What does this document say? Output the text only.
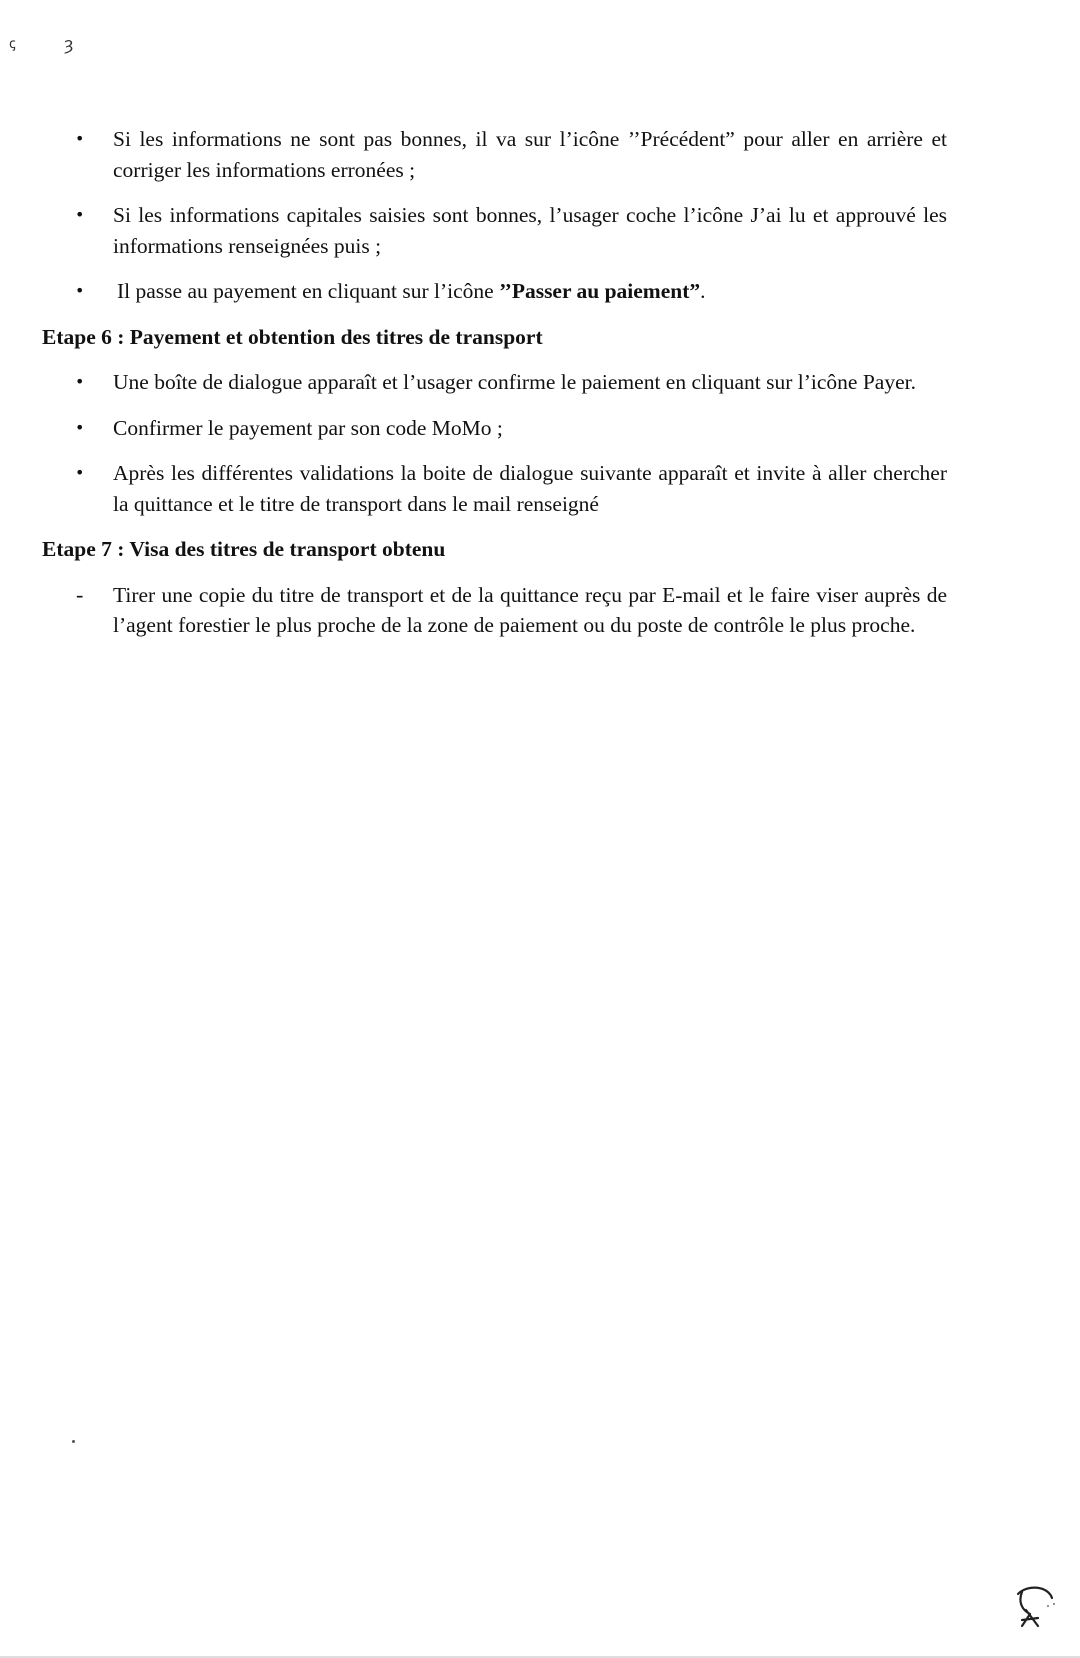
ꞔ	ȝ
• Si les informations ne sont pas bonnes, il va sur l’icône ’’Précédent” pour aller en arrière et corriger les informations erronées ;
• Si les informations capitales saisies sont bonnes, l’usager coche l’icône J’ai lu et approuvé les informations renseignées puis ;
• Il passe au payement en cliquant sur l’icône ’’Passer au paiement”.
Etape 6 : Payement et obtention des titres de transport
• Une boîte de dialogue apparaît et l’usager confirme le paiement en cliquant sur l’icône Payer.
• Confirmer le payement par son code MoMo ;
• Après les différentes validations la boite de dialogue suivante apparaît et invite à aller chercher la quittance et le titre de transport dans le mail renseigné
Etape 7 : Visa des titres de transport obtenu
- Tirer une copie du titre de transport et de la quittance reçu par E-mail et le faire viser auprès de l’agent forestier le plus proche de la zone de paiement ou du poste de contrôle le plus proche.
